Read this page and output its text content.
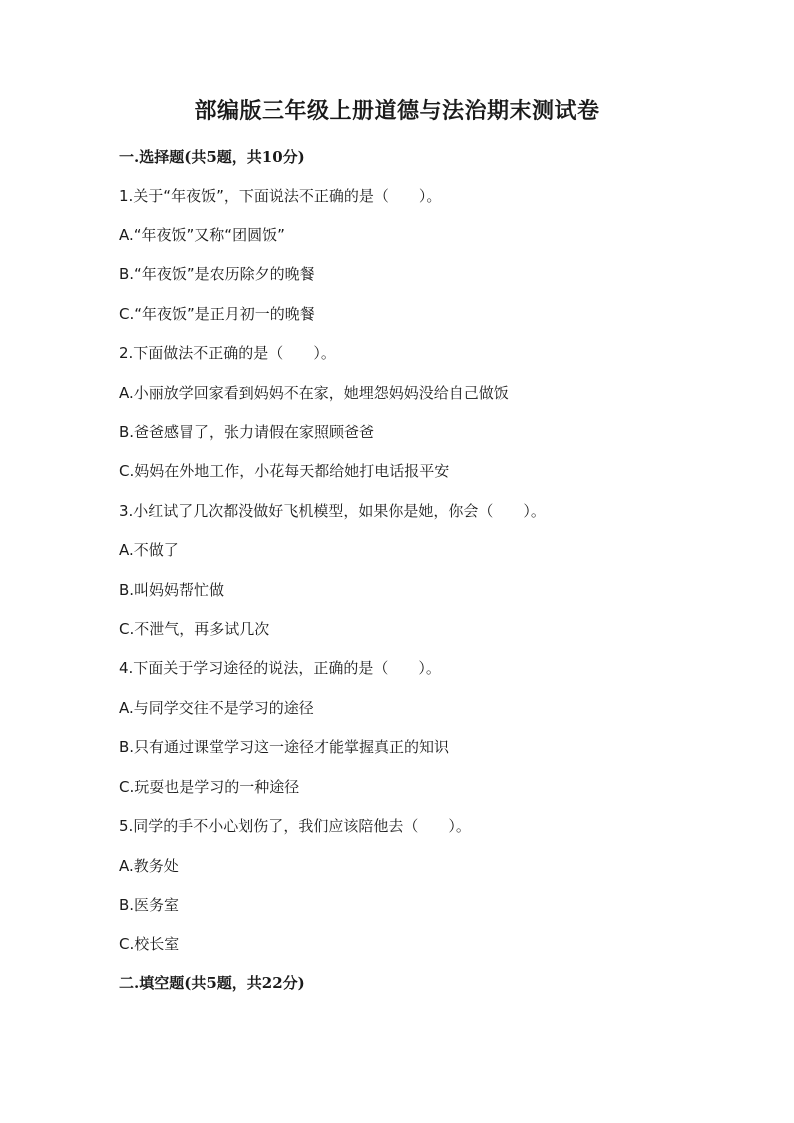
部编版三年级上册道德与法治期末测试卷
一.选择题(共5题，共10分)
1.关于“年夜饭”，下面说法不正确的是（　　）。
A.“年夜饭”又称“团圆饭”
B.“年夜饭”是农历除夕的晚餐
C.“年夜饭”是正月初一的晚餐
2.下面做法不正确的是（　　）。
A.小丽放学回家看到妈妈不在家，她埋怨妈妈没给自己做饭
B.爸爸感冒了，张力请假在家照顾爸爸
C.妈妈在外地工作，小花每天都给她打电话报平安
3.小红试了几次都没做好飞机模型，如果你是她，你会（　　）。
A.不做了
B.叫妈妈帮忙做
C.不泄气，再多试几次
4.下面关于学习途径的说法，正确的是（　　）。
A.与同学交往不是学习的途径
B.只有通过课堂学习这一途径才能掌握真正的知识
C.玩耍也是学习的一种途径
5.同学的手不小心划伤了，我们应该陪他去（　　）。
A.教务处
B.医务室
C.校长室
二.填空题(共5题，共22分)
